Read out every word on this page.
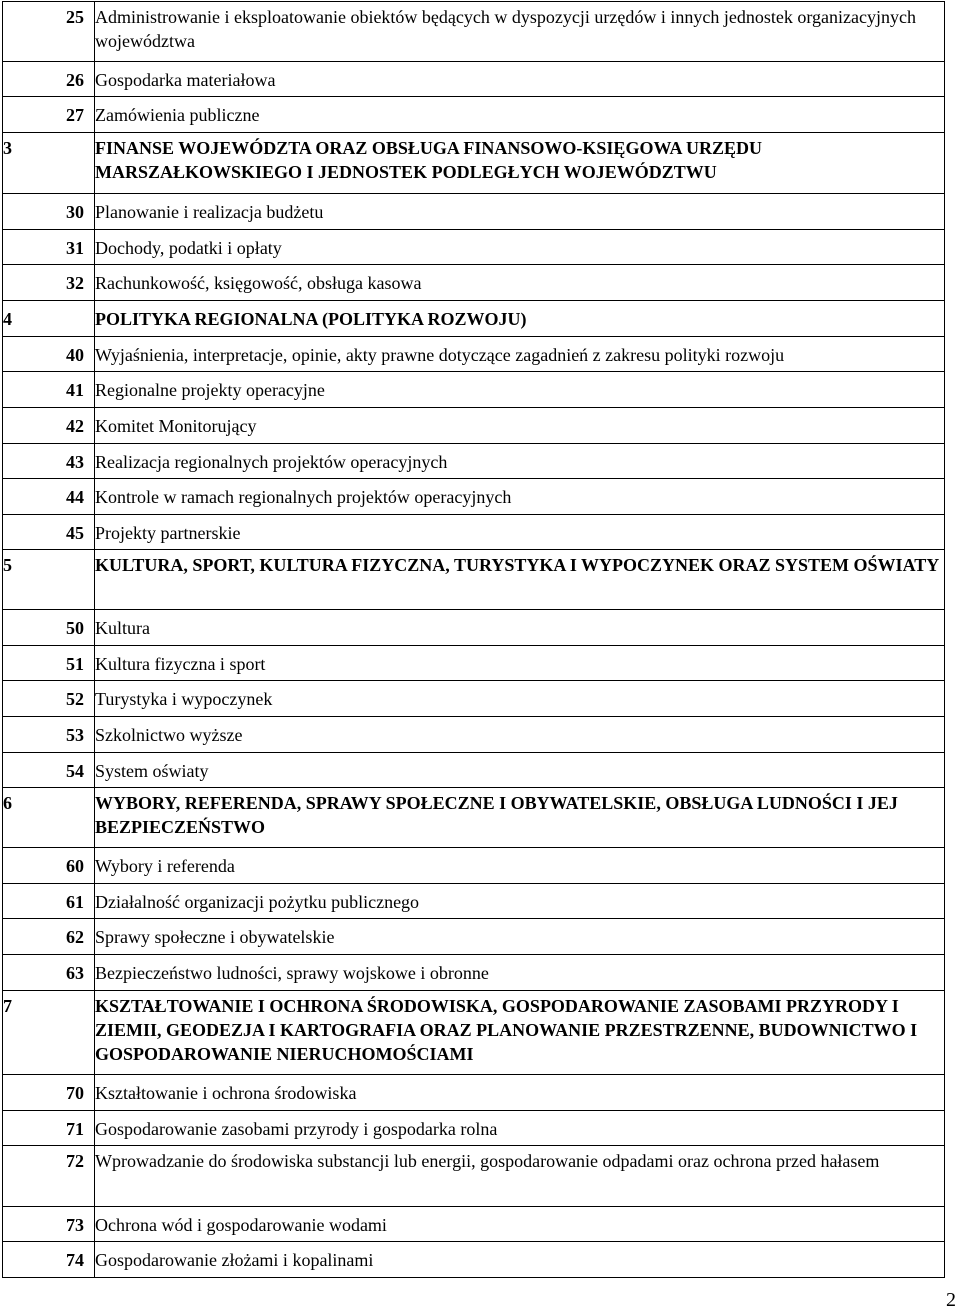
25	Administrowanie i eksploatowanie obiektów będących w dyspozycji urzędów i innych jednostek organizacyjnych województwa
26	Gospodarka materiałowa
27	Zamówienia publiczne
3	FINANSE WOJEWÓDZTA ORAZ OBSŁUGA FINANSOWO-KSIĘGOWA URZĘDU MARSZAŁKOWSKIEGO I JEDNOSTEK PODLEGŁYCH WOJEWÓDZTWU
30	Planowanie i realizacja budżetu
31	Dochody, podatki i opłaty
32	Rachunkowość, księgowość, obsługa kasowa
4	POLITYKA REGIONALNA (POLITYKA ROZWOJU)
40	Wyjaśnienia, interpretacje, opinie, akty prawne dotyczące zagadnień z zakresu polityki rozwoju
41	Regionalne projekty operacyjne
42	Komitet Monitorujący
43	Realizacja regionalnych projektów operacyjnych
44	Kontrole w ramach regionalnych projektów operacyjnych
45	Projekty partnerskie
5	KULTURA, SPORT, KULTURA FIZYCZNA, TURYSTYKA I WYPOCZYNEK ORAZ SYSTEM OŚWIATY
50	Kultura
51	Kultura fizyczna i sport
52	Turystyka i wypoczynek
53	Szkolnictwo wyższe
54	System oświaty
6	WYBORY, REFERENDA, SPRAWY SPOŁECZNE I OBYWATELSKIE, OBSŁUGA LUDNOŚCI I JEJ BEZPIECZEŃSTWO
60	Wybory i referenda
61	Działalność organizacji pożytku publicznego
62	Sprawy społeczne i obywatelskie
63	Bezpieczeństwo ludności, sprawy wojskowe i obronne
7	KSZTAŁTOWANIE I OCHRONA ŚRODOWISKA, GOSPODAROWANIE ZASOBAMI PRZYRODY I ZIEMII, GEODEZJA I KARTOGRAFIA ORAZ PLANOWANIE PRZESTRZENNE, BUDOWNICTWO I GOSPODAROWANIE NIERUCHOMOŚCIAMI
70	Kształtowanie i ochrona środowiska
71	Gospodarowanie zasobami przyrody i gospodarka rolna
72	Wprowadzanie do środowiska substancji lub energii, gospodarowanie odpadami oraz ochrona przed hałasem
73	Ochrona wód i gospodarowanie wodami
74	Gospodarowanie złożami i kopalinami
2
